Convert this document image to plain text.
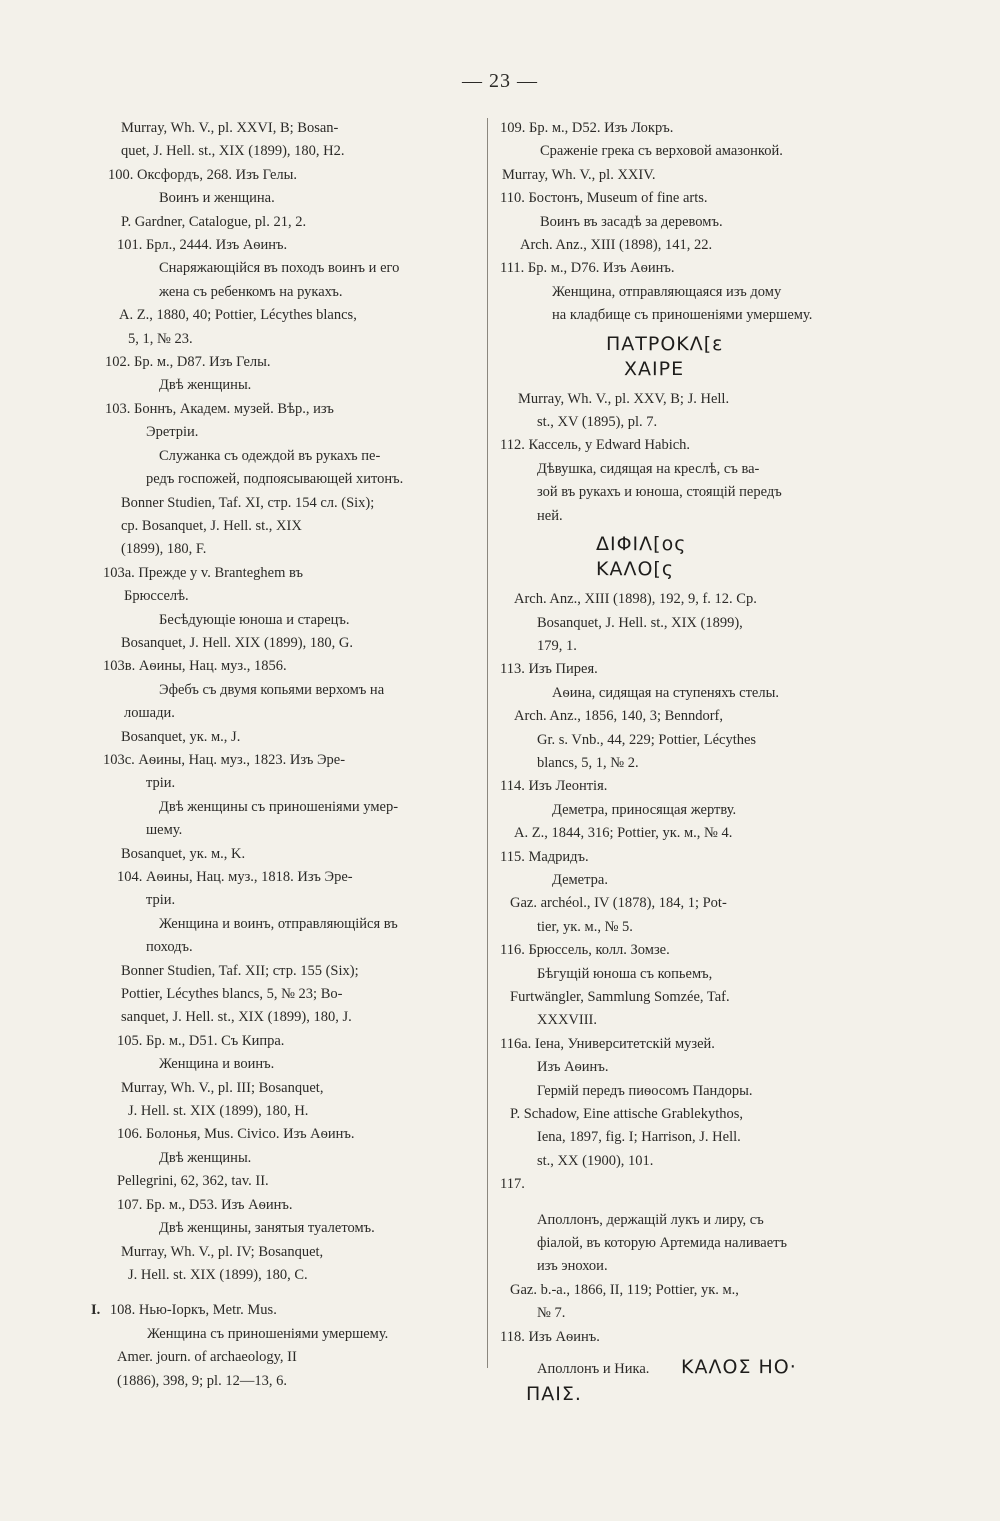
— 23 —
Murray, Wh. V., pl. XXVI, B; Bosan-
quet, J. Hell. st., XIX (1899), 180, H2.
100. Оксфордъ, 268. Изъ Гелы.
Воинъ и женщина.
P. Gardner, Catalogue, pl. 21, 2.
101. Брл., 2444. Изъ Аѳинъ.
Снаряжающійся въ походъ воинъ и его
жена съ ребенкомъ на рукахъ.
A. Z., 1880, 40; Pottier, Lécythes blancs,
5, 1, № 23.
102. Бр. м., D87. Изъ Гелы.
Двѣ женщины.
103. Боннъ, Академ. музей. Вѣр., изъ
Эретріи.
Служанка съ одеждой въ рукахъ пе-
редъ госпожей, подпоясывающей хитонъ.
Bonner Studien, Taf. XI, стр. 154 сл. (Six);
ср. Bosanquet, J. Hell. st., XIX
(1899), 180, F.
103a. Прежде у v. Branteghem въ
Брюсселѣ.
Бесѣдующіе юноша и старецъ.
Bosanquet, J. Hell. XIX (1899), 180, G.
103в. Аѳины, Нац. муз., 1856.
Эфебъ съ двумя копьями верхомъ на
лошади.
Bosanquet, ук. м., J.
103c. Аѳины, Нац. муз., 1823. Изъ Эре-
тріи.
Двѣ женщины съ приношеніями умер-
шему.
Bosanquet, ук. м., K.
104. Аѳины, Нац. муз., 1818. Изъ Эре-
тріи.
Женщина и воинъ, отправляющійся въ
походъ.
Bonner Studien, Taf. XII; стр. 155 (Six);
Pottier, Lécythes blancs, 5, № 23; Bo-
sanquet, J. Hell. st., XIX (1899), 180, J.
105. Бр. м., D51. Съ Кипра.
Женщина и воинъ.
Murray, Wh. V., pl. III; Bosanquet,
J. Hell. st. XIX (1899), 180, H.
106. Болонья, Mus. Civico. Изъ Аѳинъ.
Двѣ женщины.
Pellegrini, 62, 362, tav. II.
107. Бр. м., D53. Изъ Аѳинъ.
Двѣ женщины, занятыя туалетомъ.
Murray, Wh. V., pl. IV; Bosanquet,
J. Hell. st. XIX (1899), 180, C.
I. 108. Нью-Іоркъ, Metr. Mus.
Женщина съ приношеніями умершему.
Amer. journ. of archaeology, II
(1886), 398, 9; pl. 12—13, 6.
109. Бр. м., D52. Изъ Локръ.
Сраженіе грека съ верховой амазонкой.
Murray, Wh. V., pl. XXIV.
110. Бостонъ, Museum of fine arts.
Воинъ въ засадѣ за деревомъ.
Arch. Anz., XIII (1898), 141, 22.
111. Бр. м., D76. Изъ Аѳинъ.
Женщина, отправляющаяся изъ дому
на кладбище съ приношеніями умершему.
ΠΑΤΡΟΚΛ[ε
ΧΑΙΡΕ
Murray, Wh. V., pl. XXV, B; J. Hell.
st., XV (1895), pl. 7.
112. Кассель, у Edward Habich.
Дѣвушка, сидящая на креслѣ, съ ва-
зой въ рукахъ и юноша, стоящій передъ
ней.
ΔΙΦΙΛ[ος
ΚΑΛΟ[ς
Arch. Anz., XIII (1898), 192, 9, f. 12. Ср.
Bosanquet, J. Hell. st., XIX (1899),
179, 1.
113. Изъ Пирея.
Аѳина, сидящая на ступеняхъ стелы.
Arch. Anz., 1856, 140, 3; Benndorf,
Gr. s. Vnb., 44, 229; Pottier, Lécythes
blancs, 5, 1, № 2.
114. Изъ Леонтія.
Деметра, приносящая жертву.
A. Z., 1844, 316; Pottier, ук. м., № 4.
115. Мадридъ.
Деметра.
Gaz. archéol., IV (1878), 184, 1; Pot-
tier, ук. м., № 5.
116. Брюссель, колл. Зомзе.
Бѣгущій юноша съ копьемъ,
Furtwängler, Sammlung Somzée, Taf.
XXXVIII.
116a. Іена, Университетскій музей.
Изъ Аѳинъ.
Гермій передъ пиѳосомъ Пандоры.
P. Schadow, Eine attische Grablekythos,
Iena, 1897, fig. I; Harrison, J. Hell.
st., XX (1900), 101.
117.
Аполлонъ, держащій лукъ и лиру, съ
фіалой, въ которую Артемида наливаетъ
изъ энохои.
Gaz. b.-a., 1866, II, 119; Pottier, ук. м.,
№ 7.
118. Изъ Аѳинъ.
Аполлонъ и Ника. ΚΑΛΟΣ ΗΟ·
ΠΑΙΣ.
